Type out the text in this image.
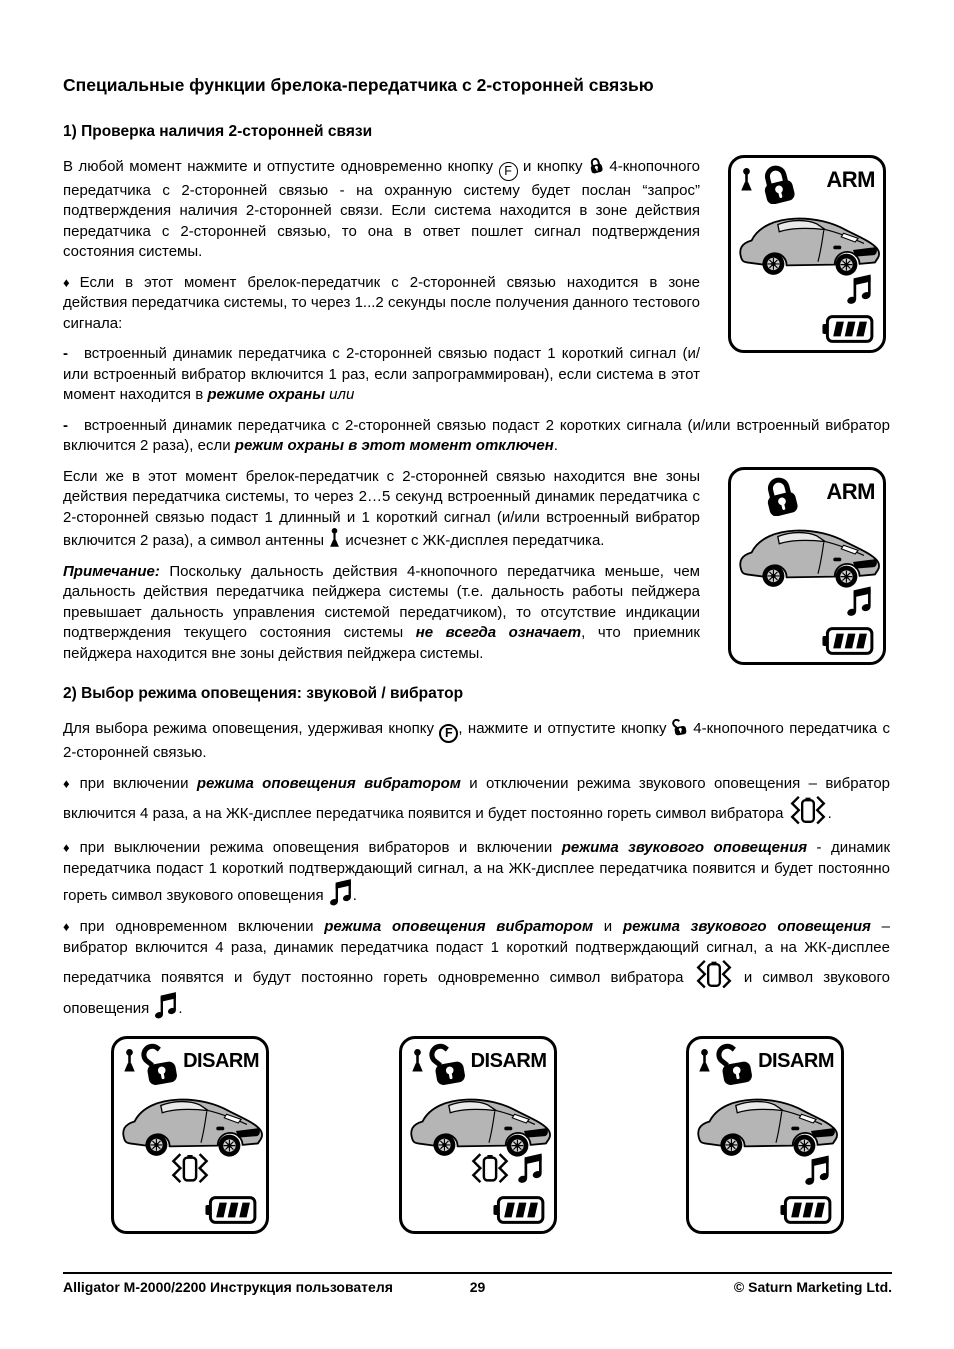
Специальные функции брелока-передатчика с 2-сторонней связью
1) Проверка наличия 2-сторонней связи
ARM

В любой момент нажмите и отпустите одновременно кнопку F и кнопку  4-кнопочного передатчика с 2-сторонней связью - на охранную систему будет послан “запрос” подтверждения наличия 2-сторонней связи. Если система находится в зоне действия передатчика с 2-сторонней связью, то она в ответ пошлет сигнал подтверждения состояния системы.

♦ Если в этот момент брелок-передатчик с 2-сторонней связью находится в зоне действия передатчика системы, то через 1...2 секунды после получения данного тестового сигнала:

- встроенный динамик передатчика с 2-сторонней связью подаст 1 короткий сигнал (и/или встроенный вибратор включится 1 раз, если запрограммирован), если система в этот момент находится в режиме охраны или

- встроенный динамик передатчика с 2-сторонней связью подаст 2 коротких сигнала (и/или встроенный вибратор включится 2 раза), если режим охраны в этот момент отключен.

ARM

Если же в этот момент брелок-передатчик с 2-сторонней связью находится вне зоны действия передатчика системы, то через 2…5 секунд встроенный динамик передатчика с 2-сторонней связью подаст 1 длинный и 1 короткий сигнал (и/или встроенный вибратор включится 2 раза), а символ антенны  исчезнет с ЖК-дисплея передатчика.

Примечание: Поскольку дальность действия 4-кнопочного передатчика меньше, чем дальность действия передатчика пейджера системы (т.е. дальность работы пейджера превышает дальность управления системой передатчиком), то отсутствие индикации подтверждения текущего состояния системы не всегда означает, что приемник пейджера находится вне зоны действия пейджера системы.

2) Выбор режима оповещения: звуковой / вибратор

Для выбора режима оповещения, удерживая кнопку F , нажмите и отпустите кнопку  4-кнопочного передатчика с 2-сторонней связью.

♦ при включении режима оповещения вибратором и отключении режима звукового оповещения – вибратор включится 4 раза, а на ЖК-дисплее передатчика появится и будет постоянно гореть символ вибратора	.

♦ при выключении режима оповещения вибраторов и включении режима звукового оповещения - динамик передатчика подаст 1 короткий подтверждающий сигнал, а на ЖК-дисплее передатчика появится и будет постоянно гореть символ звукового оповещения .

♦ при одновременном включении режима оповещения вибратором и режима звукового оповещения – вибратор включится 4 раза, динамик передатчика подаст 1 короткий подтверждающий сигнал, а на ЖК-дисплее передатчика появятся и будут постоянно гореть одновременно символ вибратора	и символ звукового оповещения .

DISARM	DISARM	DISARM
Alligator M-2000/2200 Инструкция пользователя	29	© Saturn Marketing Ltd.
